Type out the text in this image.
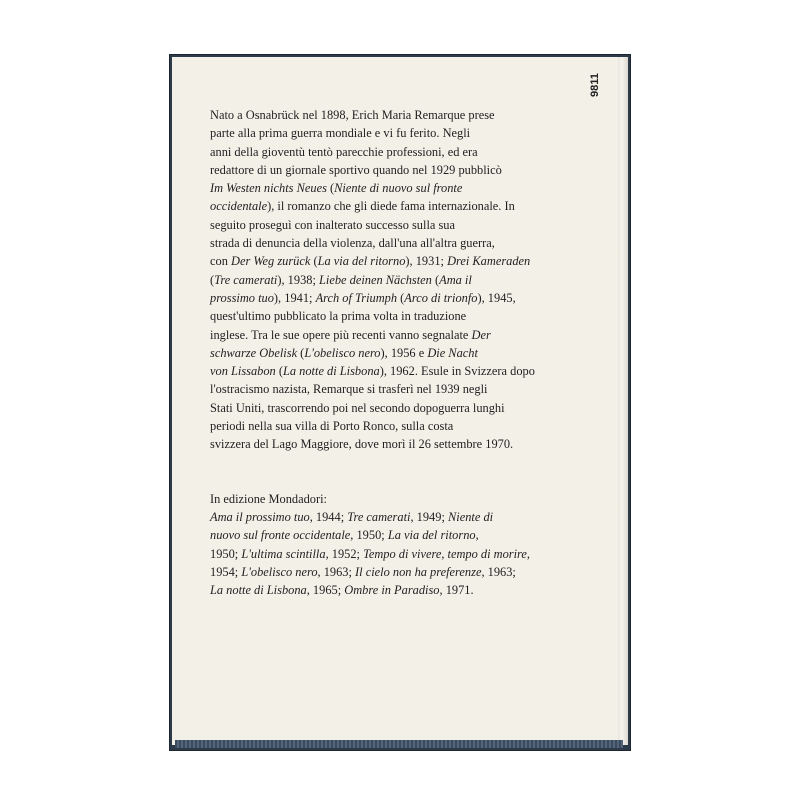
9811
Nato a Osnabrück nel 1898, Erich Maria Remarque prese
parte alla prima guerra mondiale e vi fu ferito. Negli
anni della gioventù tentò parecchie professioni, ed era
redattore di un giornale sportivo quando nel 1929 pubblicò
Im Westen nichts Neues (Niente di nuovo sul fronte
occidentale), il romanzo che gli diede fama internazionale. In
seguito proseguì con inalterato successo sulla sua
strada di denuncia della violenza, dall'una all'altra guerra,
con Der Weg zurück (La via del ritorno), 1931; Drei Kameraden
(Tre camerati), 1938; Liebe deinen Nächsten (Ama il
prossimo tuo), 1941; Arch of Triumph (Arco di trionfo), 1945,
quest'ultimo pubblicato la prima volta in traduzione
inglese. Tra le sue opere più recenti vanno segnalate Der
schwarze Obelisk (L'obelisco nero), 1956 e Die Nacht
von Lissabon (La notte di Lisbona), 1962. Esule in Svizzera dopo
l'ostracismo nazista, Remarque si trasferì nel 1939 negli
Stati Uniti, trascorrendo poi nel secondo dopoguerra lunghi
periodi nella sua villa di Porto Ronco, sulla costa
svizzera del Lago Maggiore, dove morì il 26 settembre 1970.
In edizione Mondadori:
Ama il prossimo tuo, 1944; Tre camerati, 1949; Niente di
nuovo sul fronte occidentale, 1950; La via del ritorno,
1950; L'ultima scintilla, 1952; Tempo di vivere, tempo di morire,
1954; L'obelisco nero, 1963; Il cielo non ha preferenze, 1963;
La notte di Lisbona, 1965; Ombre in Paradiso, 1971.
